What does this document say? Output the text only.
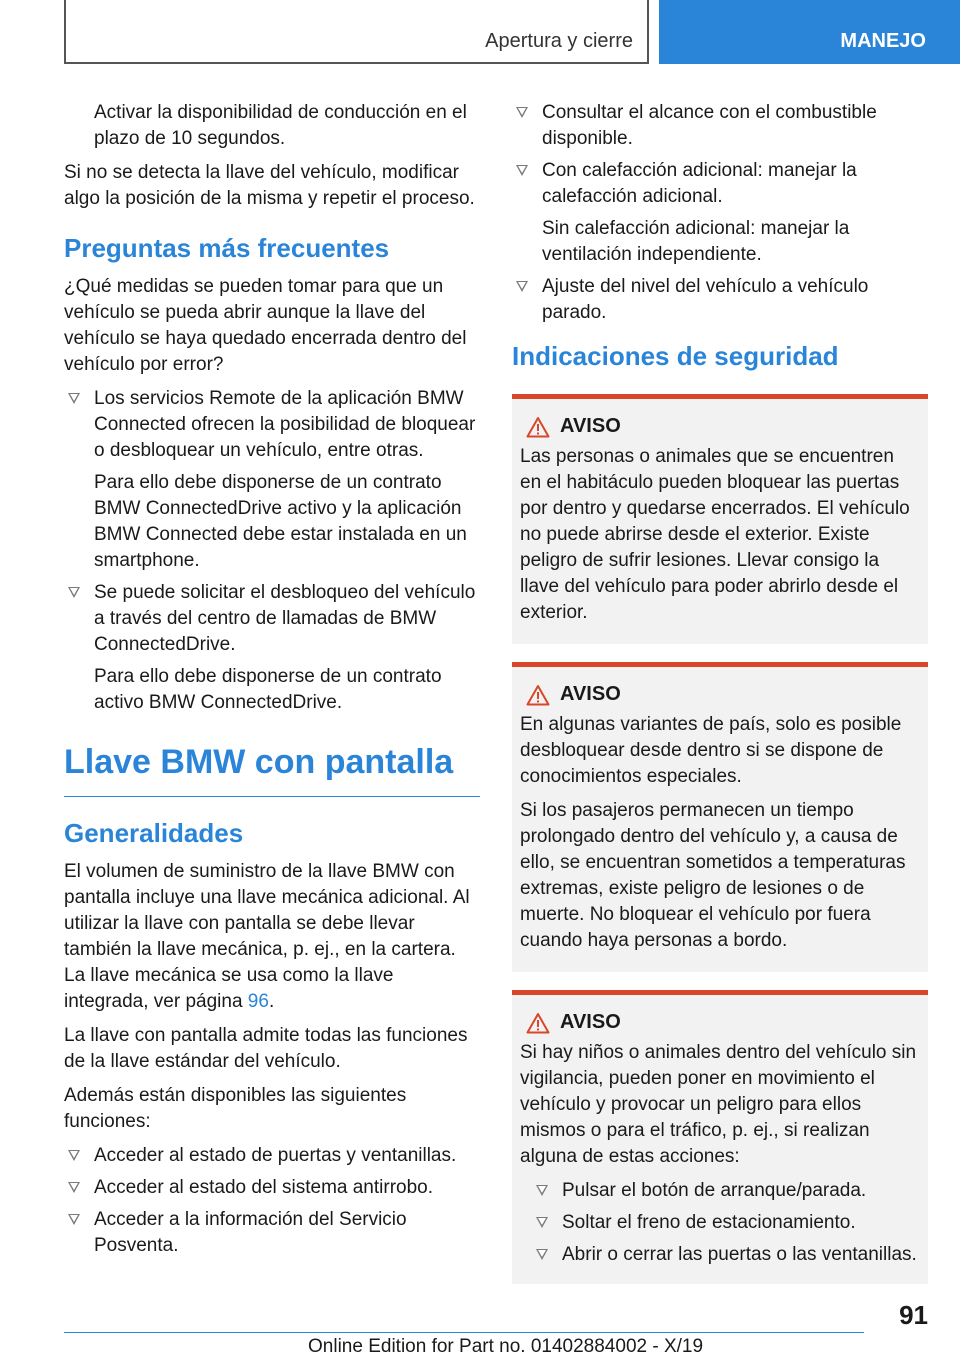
Apertura y cierre	MANEJO

Activar la disponibilidad de conducción en el plazo de 10 segundos.

Si no se detecta la llave del vehículo, modificar algo la posición de la misma y repetir el proceso.

Preguntas más frecuentes

¿Qué medidas se pueden tomar para que un vehículo se pueda abrir aunque la llave del vehículo se haya quedado encerrada dentro del vehículo por error?

Los servicios Remote de la aplicación BMW Connected ofrecen la posibilidad de bloquear o desbloquear un vehículo, entre otras.

Para ello debe disponerse de un contrato BMW ConnectedDrive activo y la aplicación BMW Connected debe estar instalada en un smartphone.

Se puede solicitar el desbloqueo del vehículo a través del centro de llamadas de BMW ConnectedDrive.

Para ello debe disponerse de un contrato activo BMW ConnectedDrive.

Llave BMW con pantalla
Generalidades

El volumen de suministro de la llave BMW con pantalla incluye una llave mecánica adicional. Al utilizar la llave con pantalla se debe llevar también la llave mecánica, p. ej., en la cartera. La llave mecánica se usa como la llave integrada, ver página 96.

La llave con pantalla admite todas las funciones de la llave estándar del vehículo.

Además están disponibles las siguientes funciones:

Acceder al estado de puertas y ventanillas.
Acceder al estado del sistema antirrobo.
Acceder a la información del Servicio Posventa.
Consultar el alcance con el combustible disponible.
Con calefacción adicional: manejar la calefacción adicional.

Sin calefacción adicional: manejar la ventilación independiente.

Ajuste del nivel del vehículo a vehículo parado.
Indicaciones de seguridad
AVISO

Las personas o animales que se encuentren en el habitáculo pueden bloquear las puertas por dentro y quedarse encerrados. El vehículo no puede abrirse desde el exterior. Existe peligro de sufrir lesiones. Llevar consigo la llave del vehículo para poder abrirlo desde el exterior.

AVISO

En algunas variantes de país, solo es posible desbloquear desde dentro si se dispone de conocimientos especiales.

Si los pasajeros permanecen un tiempo prolongado dentro del vehículo y, a causa de ello, se encuentran sometidos a temperaturas extremas, existe peligro de lesiones o de muerte. No bloquear el vehículo por fuera cuando haya personas a bordo.

AVISO

Si hay niños o animales dentro del vehículo sin vigilancia, pueden poner en movimiento el vehículo y provocar un peligro para ellos mismos o para el tráfico, p. ej., si realizan alguna de estas acciones:

Pulsar el botón de arranque/parada.
Soltar el freno de estacionamiento.
Abrir o cerrar las puertas o las ventanillas.
91
Online Edition for Part no. 01402884002 - X/19
